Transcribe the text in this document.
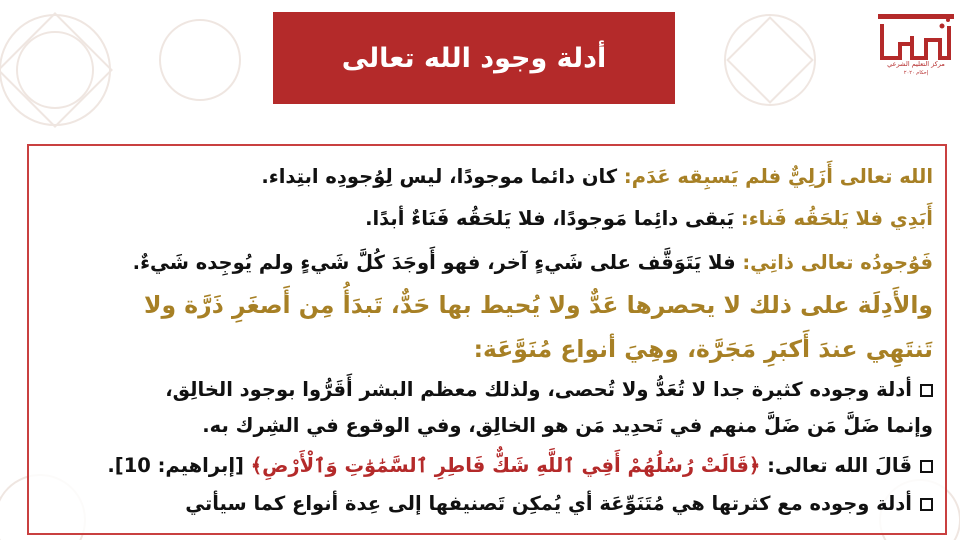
أدلة وجود الله تعالى	مركز التعليم الشرعي
إحكام ٢٠٢٠
الله تعالى أَزَلِيٌّ فلم يَسبِقه عَدَم: كان دائما موجودًا، ليس لِوُجودِه ابتِداء.
أَبَدِي فلا يَلحَقُه فَناء: يَبقى دائِما مَوجودًا، فلا يَلحَقُه فَنَاءٌ أبدًا.
فَوُجودُه تعالى ذاتِي: فلا يَتَوَقَّف على شَيءٍ آخر، فهو أَوجَدَ كُلَّ شَيءٍ ولم يُوجِده شَيءٌ.
والأَدِلَة على ذلك لا يحصرها عَدٌّ ولا يُحيط بها حَدٌّ، تَبدَأُ مِن أَصغَرِ ذَرَّة ولا
تَنتَهِي عندَ أَكبَرِ مَجَرَّة، وهِيَ أنواع مُنَوَّعَة:
أدلة وجوده كثيرة جدا لا تُعَدُّ ولا تُحصى، ولذلك معظم البشر أَقَرُّوا بوجود الخالِق،
وإنما ضَلَّ مَن ضَلَّ منهم في تَحدِيد مَن هو الخالِق، وفي الوقوع في الشِرك به.
قَالَ الله تعالى: ﴿قَالَتْ رُسُلُهُمْ أَفِي ٱللَّهِ شَكٌّ فَاطِرِ ٱلسَّمَٰوَٰتِ وَٱلْأَرْضِ﴾ [إبراهيم: 10].
أدلة وجوده مع كثرتها هي مُتَنَوِّعَة أي يُمكِن تَصنيفها إلى عِدة أنواع كما سيأتي
